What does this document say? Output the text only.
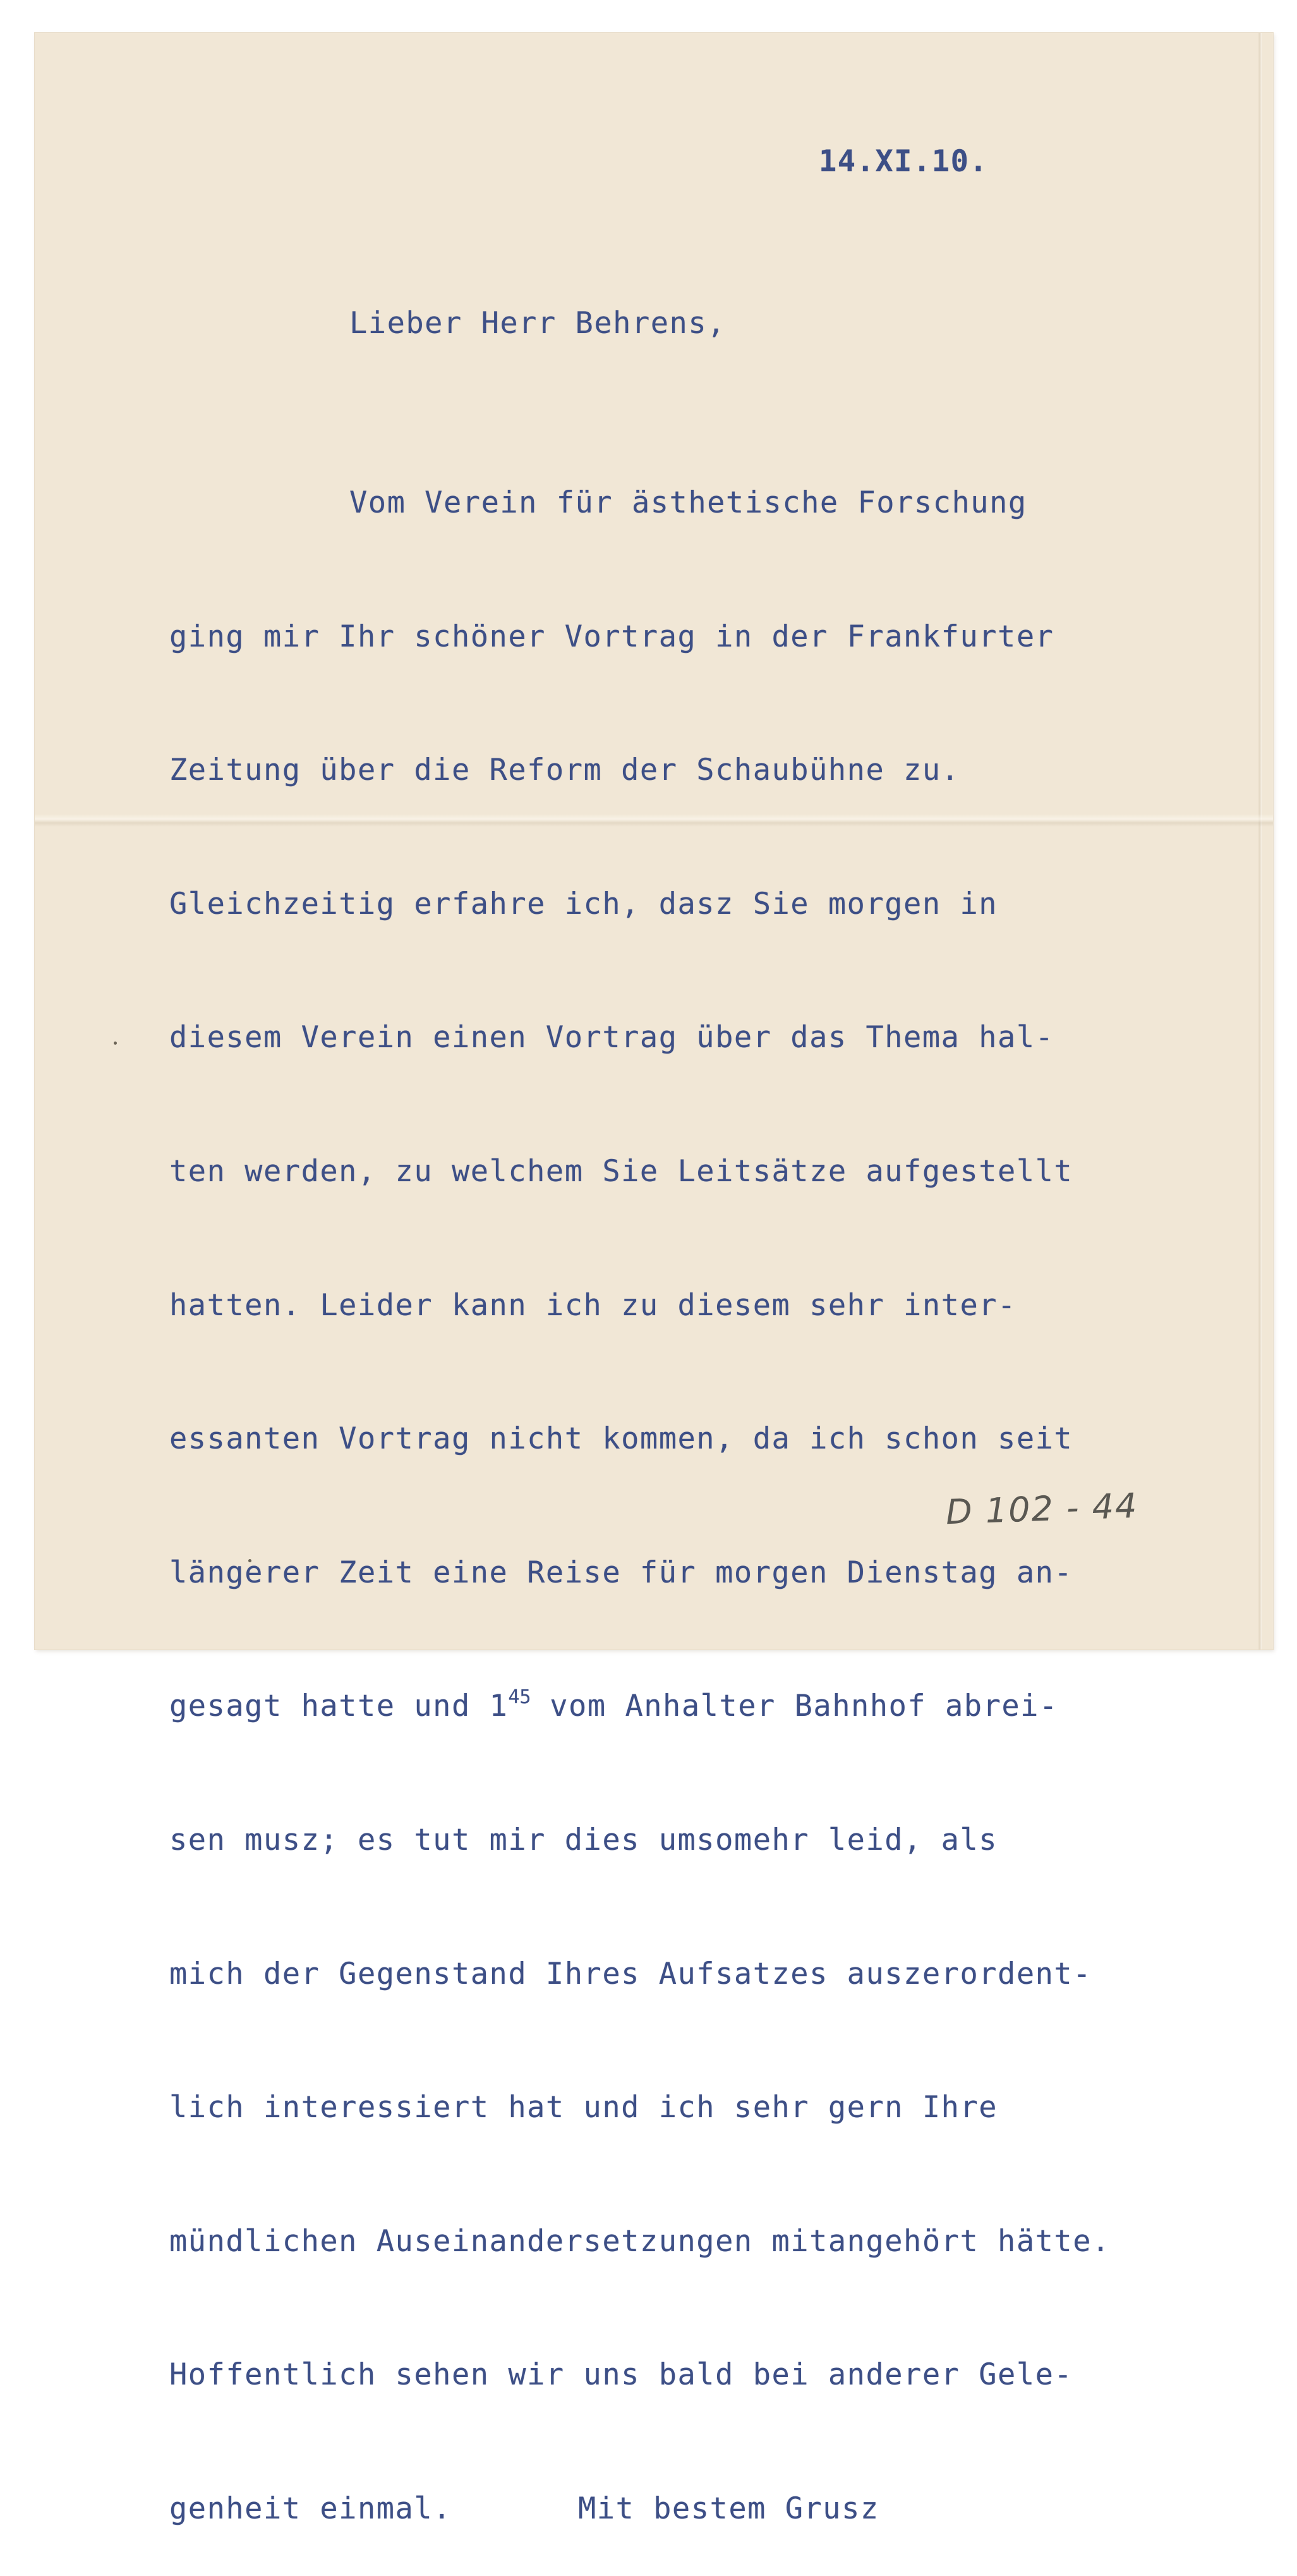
14.XI.10.
Lieber Herr Behrens,

Vom Verein für ästhetische Forschung

ging mir Ihr schöner Vortrag in der Frankfurter

Zeitung über die Reform der Schaubühne zu.

Gleichzeitig erfahre ich, dasz Sie morgen in

diesem Verein einen Vortrag über das Thema hal-

ten werden, zu welchem Sie Leitsätze aufgestellt

hatten. Leider kann ich zu diesem sehr inter-

essanten Vortrag nicht kommen, da ich schon seit

längerer Zeit eine Reise für morgen Dienstag an-

gesagt hatte und $1^{45}$ vom Anhalter Bahnhof abrei-

sen musz; es tut mir dies umsomehr leid, als

mich der Gegenstand Ihres Aufsatzes auszerordent-

lich interessiert hat und ich sehr gern Ihre

mündlichen Auseinandersetzungen mitangehört hätte.

Hoffentlich sehen wir uns bald bei anderer Gele-

genheit einmal.	Mit bestem Grusz

D 102 - 44
